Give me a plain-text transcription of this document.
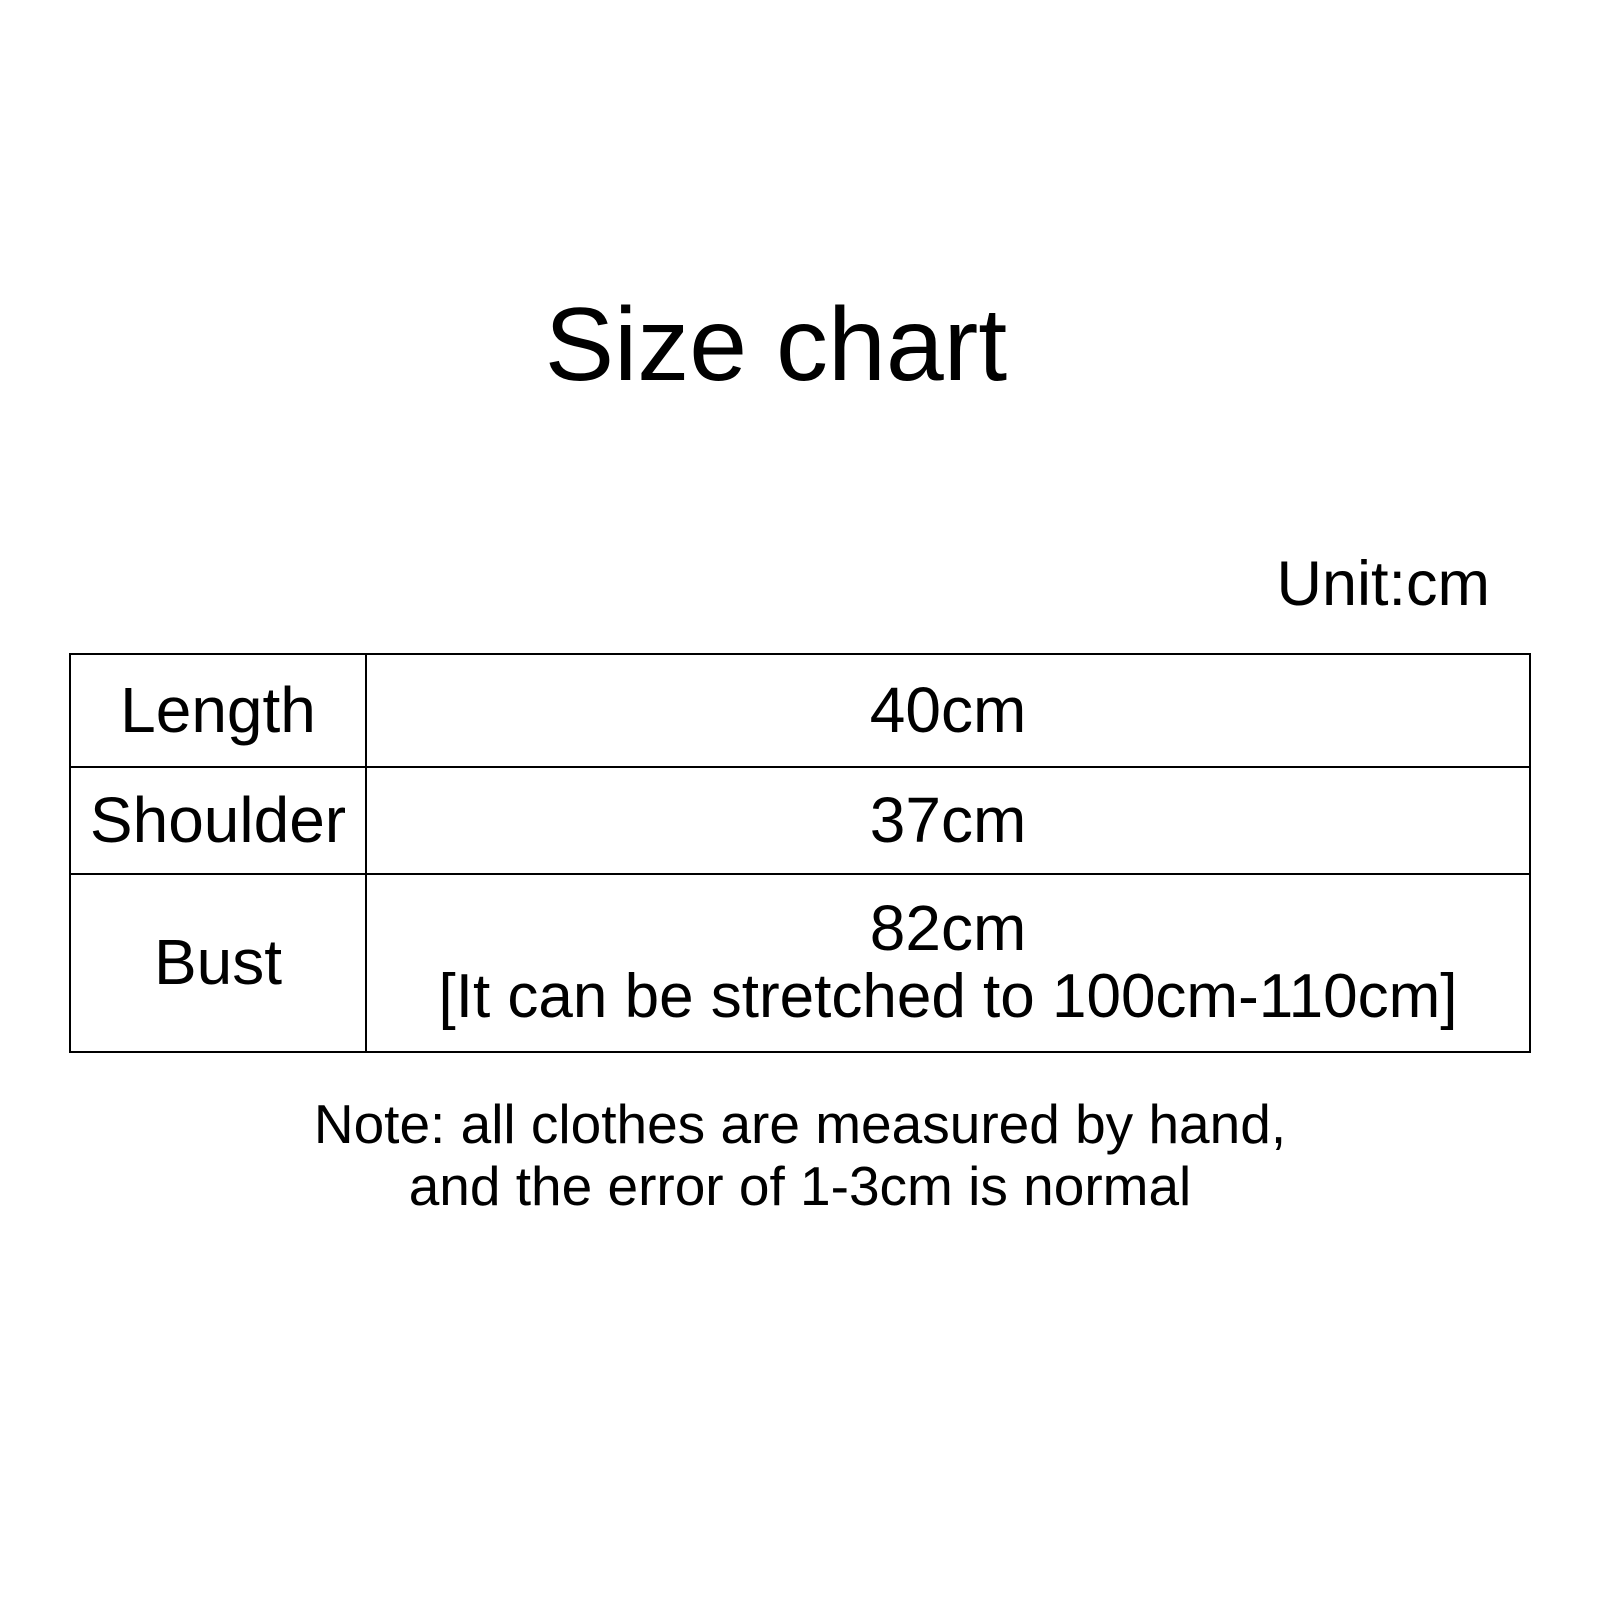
Size chart
Unit:cm
Length	40cm
Shoulder	37cm
Bust	82cm
[It can be stretched to 100cm-110cm]
Note: all clothes are measured by hand,
and the error of 1-3cm is normal
